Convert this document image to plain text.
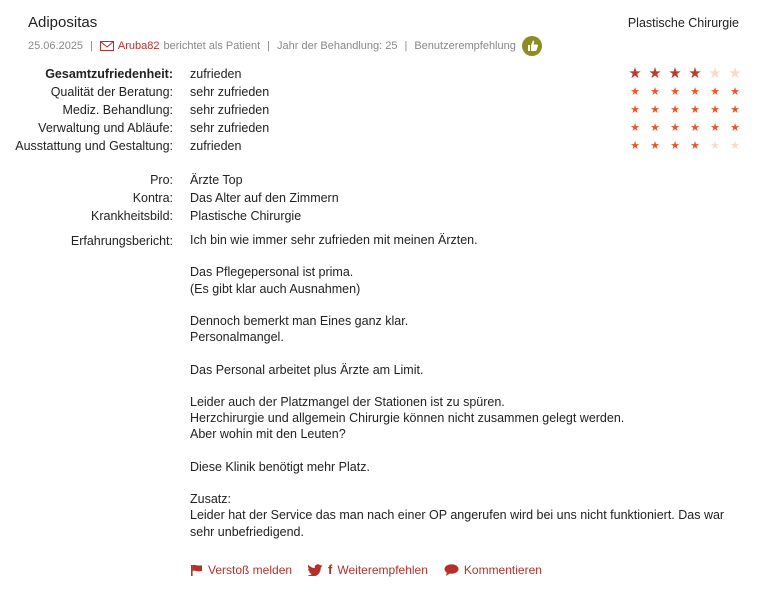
Adipositas	Plastische Chirurgie
25.06.2025 | Aruba82 berichtet als Patient | Jahr der Behandlung: 25 | Benutzerempfehlung
Gesamtzufriedenheit: zufrieden	★ ★ ★ ★ ★ ★
Qualität der Beratung: sehr zufrieden	★ ★ ★ ★ ★ ★
Mediz. Behandlung: sehr zufrieden	★ ★ ★ ★ ★ ★
Verwaltung und Abläufe: sehr zufrieden	★ ★ ★ ★ ★ ★
Ausstattung und Gestaltung: zufrieden	★ ★ ★ ★ ★ ★
Pro: Ärzte Top
Kontra: Das Alter auf den Zimmern
Krankheitsbild: Plastische Chirurgie
Erfahrungsbericht: Ich bin wie immer sehr zufrieden mit meinen Ärzten.

Das Pflegepersonal ist prima.
(Es gibt klar auch Ausnahmen)

Dennoch bemerkt man Eines ganz klar.
Personalmangel.

Das Personal arbeitet plus Ärzte am Limit.

Leider auch der Platzmangel der Stationen ist zu spüren.
Herzchirurgie und allgemein Chirurgie können nicht zusammen gelegt werden.
Aber wohin mit den Leuten?

Diese Klinik benötigt mehr Platz.

Zusatz:
Leider hat der Service das man nach einer OP angerufen wird bei uns nicht funktioniert. Das war sehr unbefriedigend.

Verstoß melden	f Weiterempfehlen	Kommentieren
